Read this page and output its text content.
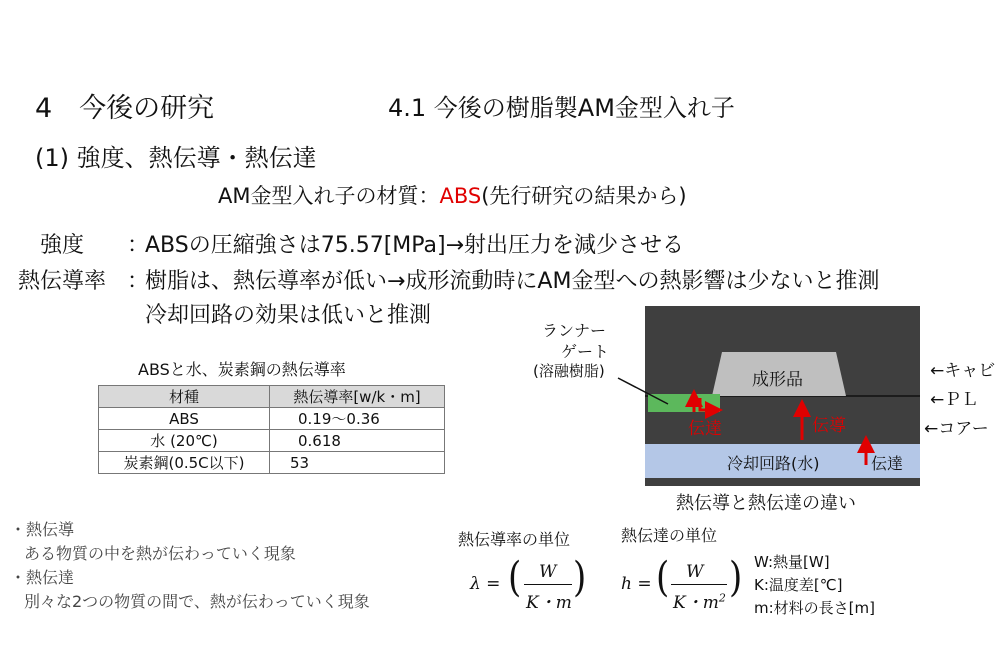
4　今後の研究	4.1 今後の樹脂製AM金型入れ子
(1) 強度、熱伝導・熱伝達
AM金型入れ子の材質：ABS(先行研究の結果から)
強度 ：
ABSの圧縮強さは75.57[MPa]→射出圧力を減少させる
熱伝導率 ：
樹脂は、熱伝導率が低い→成形流動時にAM金型への熱影響は少ないと推測
冷却回路の効果は低いと推測
ABSと水、炭素鋼の熱伝導率
材種	熱伝導率[w/k・m]
ABS	0.19〜0.36
水 (20℃)	0.618
炭素鋼(0.5C以下)	53
・熱伝導
ある物質の中を熱が伝わっていく現象
・熱伝達
別々な2つの物質の間で、熱が伝わっていく現象
ランナー
ゲート
(溶融樹脂)	成形品
伝導
伝達
冷却回路(水)	伝達
←キャビ
←ＰＬ
←コアー
熱伝導と熱伝達の違い
熱伝導率の単位	熱伝達の単位
λ = ( W
K・m
) h = ( W
K・$m^2$ ) W:熱量[W]
K:温度差[℃]
m:材料の長さ[m]
